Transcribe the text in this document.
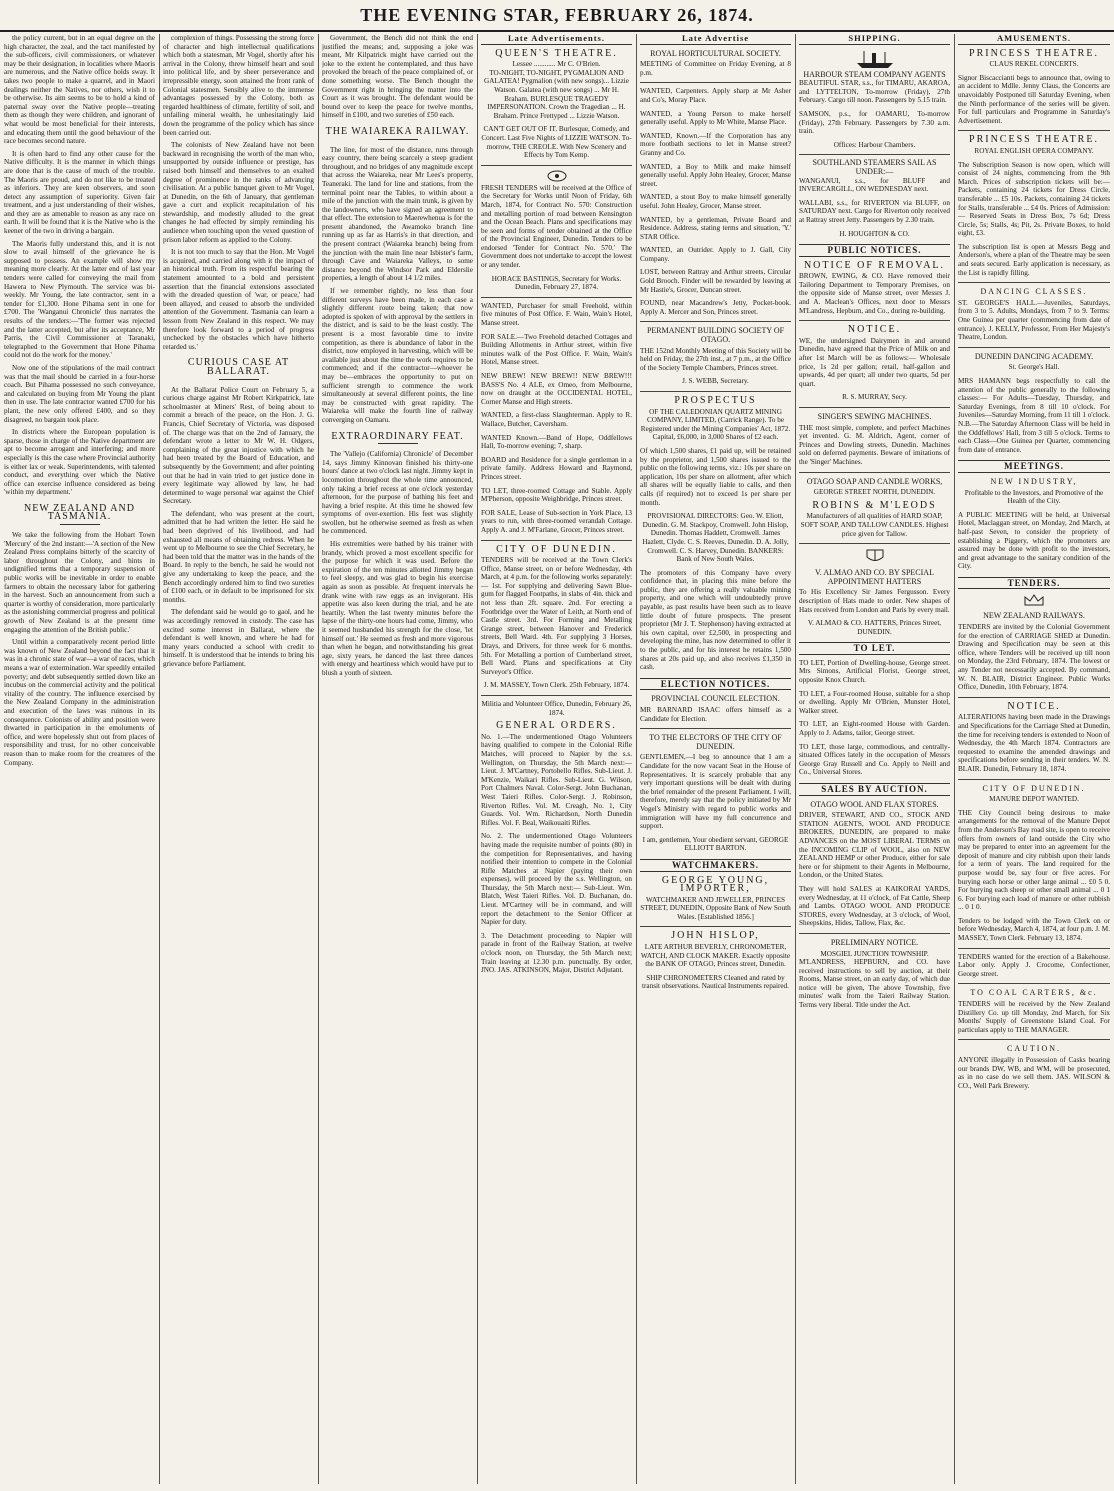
THE EVENING STAR, FEBRUARY 26, 1874.

the policy current, but in an equal degree on the high character, the zeal, and the tact manifested by the sub-officers, civil commissioners, or whatever may be their designation, in localities where Maoris are numerous, and the Native office holds sway. It takes two people to make a quarrel, and in Maori dealings neither the Natives, nor others, wish it to be otherwise. Its aim seems to be to hold a kind of paternal sway over the Native people—treating them as though they were children, and ignorant of what would be most beneficial for their interests, and educating them until the good behaviour of the race becomes second nature.

It is often hard to find any other cause for the Native difficulty. It is the manner in which things are done that is the cause of much of the trouble. The Maoris are proud, and do not like to be treated as inferiors. They are keen observers, and soon detect any assumption of superiority. Given fair treatment, and a just understanding of their wishes, and they are as amenable to reason as any race on earth. It will be found that it is the Native who is the keener of the two in driving a bargain.

The Maoris fully understand this, and it is not slow to avail himself of the grievance he is supposed to possess. An example will show my meaning more clearly. At the latter end of last year tenders were called for conveying the mail from Hawera to New Plymouth. The service was bi-weekly. Mr Young, the late contractor, sent in a tender for £1,300. Hone Pihama sent in one for £700. The 'Wanganui Chronicle' thus narrates the results of the tenders:—'The former was rejected and the latter accepted, but after its acceptance, Mr Parris, the Civil Commissioner at Taranaki, telegraphed to the Government that Hone Pihama could not do the work for the money.'

Now one of the stipulations of the mail contract was that the mail should be carried in a four-horse coach. But Pihama possessed no such conveyance, and calculated on buying from Mr Young the plant then in use. The late contractor wanted £700 for his plant, the new only offered £400, and so they disagreed, no bargain took place.

In districts where the European population is sparse, those in charge of the Native department are apt to become arrogant and interfering; and more especially is this the case where Provincial authority is either lax or weak. Superintendents, with talented conduct, and everything over which the Native office can exercise influence considered as being 'within my department.'

NEW ZEALAND AND TASMANIA.

We take the following from the Hobart Town 'Mercury' of the 2nd instant:—'A section of the New Zealand Press complains bitterly of the scarcity of labor throughout the Colony, and hints in undignified terms that a temporary suspension of public works will be inevitable in order to enable farmers to obtain the necessary labor for gathering in the harvest. Such an announcement from such a quarter is worthy of consideration, more particularly as the astonishing commercial progress and political growth of New Zealand is at the present time engaging the attention of the British public.'

Until within a comparatively recent period little was known of New Zealand beyond the fact that it was in a chronic state of war—a war of races, which means a war of extermination. War speedily entailed poverty; and debt subsequently settled down like an incubus on the commercial activity and the political vitality of the country. The influence exercised by the New Zealand Company in the administration and execution of the laws was ruinous in its consequence. Colonists of ability and position were thwarted in participation in the emoluments of office, and were hopelessly shut out from places of responsibility and trust, for no other conceivable reason than to make room for the creatures of the Company.

complexion of things. Possessing the strong force of character and high intellectual qualifications which both a statesman, Mr Vogel, shortly after his arrival in the Colony, threw himself heart and soul into political life, and by sheer perseverance and irrepressible energy, soon attained the front rank of Colonial statesmen. Sensibly alive to the immense advantages possessed by the Colony, both as regarded healthiness of climate, fertility of soil, and unfailing mineral wealth, he unhesitatingly laid down the programme of the policy which has since been carried out.

The colonists of New Zealand have not been backward in recognising the worth of the man who, unsupported by outside influence or prestige, has raised both himself and themselves to an exalted degree of prominence in the ranks of advancing civilisation. At a public banquet given to Mr Vogel, at Dunedin, on the 6th of January, that gentleman gave a curt and explicit recapitulation of his stewardship, and modestly alluded to the great changes he had effected by simply reminding his audience when touching upon the vexed question of prison labor reform as applied to the Colony.

It is not too much to say that the Hon. Mr Vogel is acquired, and carried along with it the impact of an historical truth. From its respectful bearing the statement amounted to a bold and persistent assertion that the financial extensions associated with the dreaded question of 'war, or peace,' had been allayed, and ceased to absorb the undivided attention of the Government. Tasmania can learn a lesson from New Zealand in this respect. We may therefore look forward to a period of progress unchecked by the obstacles which have hitherto retarded us.'

CURIOUS CASE AT BALLARAT.

At the Ballarat Police Court on February 5, a curious charge against Mr Robert Kirkpatrick, late schoolmaster at Miners' Rest, of being about to commit a breach of the peace, on the Hon. J. G. Francis, Chief Secretary of Victoria, was disposed of. The charge was that on the 2nd of January, the defendant wrote a letter to Mr W. H. Odgers, complaining of the great injustice with which he had been treated by the Board of Education, and subsequently by the Government; and after pointing out that he had in vain tried to get justice done in every legitimate way allowed by law, he had determined to wage personal war against the Chief Secretary.

The defendant, who was present at the court, admitted that he had written the letter. He said he had been deprived of his livelihood, and had exhausted all means of obtaining redress. When he went up to Melbourne to see the Chief Secretary, he had been told that the matter was in the hands of the Board. In reply to the bench, he said he would not give any undertaking to keep the peace, and the Bench accordingly ordered him to find two sureties of £100 each, or in default to be imprisoned for six months.

The defendant said he would go to gaol, and he was accordingly removed in custody. The case has excited some interest in Ballarat, where the defendant is well known, and where he had for many years conducted a school with credit to himself. It is understood that he intends to bring his grievance before Parliament.

Government, the Bench did not think the end justified the means; and, supposing a joke was meant, Mr Kilpatrick might have carried out the joke to the extent he contemplated, and thus have provoked the breach of the peace complained of, or done something worse. The Bench thought the Government right in bringing the matter into the Court as it was brought. The defendant would be bound over to keep the peace for twelve months, himself in £100, and two sureties of £50 each.

THE WAIAREKA RAILWAY.

The line, for most of the distance, runs through easy country, there being scarcely a steep gradient throughout, and no bridges of any magnitude except that across the Waiareka, near Mr Lees's property, Teaneraki. The land for line and stations, from the terminal point near the Tables, to within about a mile of the junction with the main trunk, is given by the landowners, who have signed an agreement to that effect. The extension to Maerewhenua is for the present abandoned, the Awamoko branch line running up as far as Harris's in that direction, and the present contract (Waiareka branch) being from the junction with the main line near Isbister's farm, through Cave and Waiareka Valleys, to some distance beyond the Windsor Park and Elderslie properties, a length of about 14 1/2 miles.

If we remember rightly, no less than four different surveys have been made, in each case a slightly different route being taken; that now adopted is spoken of with approval by the settlers in the district, and is said to be the least costly. The present is a most favorable time to invite competition, as there is abundance of labor in the district, now employed in harvesting, which will be available just about the time the work requires to be commenced; and if the contractor—whoever he may be—embraces the opportunity to put on sufficient strength to commence the work simultaneously at several different points, the line may be constructed with great rapidity. The Waiareka will make the fourth line of railway converging on Oamaru.

EXTRAORDINARY FEAT.

The 'Vallejo (California) Chronicle' of December 14, says Jimmy Kinnovan finished his thirty-one hours' dance at two o'clock last night. Jimmy kept in locomotion throughout the whole time announced, only taking a brief recess at one o'clock yesterday afternoon, for the purpose of bathing his feet and having a brief respite. At this time he showed few symptoms of over-exertion. His feet was slightly swollen, but he otherwise seemed as fresh as when he commenced.

His extremities were bathed by his trainer with brandy, which proved a most excellent specific for the purpose for which it was used. Before the expiration of the ten minutes allotted Jimmy began to feel sleepy, and was glad to begin his exercise again as soon as possible. At frequent intervals he drank wine with raw eggs as an invigorant. His appetite was also keen during the trial, and he ate heartily. When the last twenty minutes before the lapse of the thirty-one hours had come, Jimmy, who it seemed husbanded his strength for the close, 'let himself out.' He seemed as fresh and more vigorous than when he began, and notwithstanding his great age, sixty years, he danced the last three dances with energy and heartiness which would have put to blush a youth of sixteen.

Late Advertisements.
QUEEN'S THEATRE.
Lessee ............ Mr C. O'Brien.
TO-NIGHT, TO-NIGHT, PYGMALION AND GALATEA! Pygmalion (with new songs)... Lizzie Watson. Galatea (with new songs) ... Mr H. Braham. BURLESQUE TRAGEDY IMPERSONATION. Crown the Tragedian ... H. Braham. Prince Frettyped ... Lizzie Watson.
CAN'T GET OUT OF IT. Burlesque, Comedy, and Concert. Last Five Nights of LIZZIE WATSON. To-morrow, THE CREOLE. With New Scenery and Effects by Tom Kemp.
FRESH TENDERS will be received at the Office of the Secretary for Works until Noon of Friday, 6th March, 1874, for Contract No. 570: Construction and metalling portion of road between Kensington and the Ocean Beach. Plans and specifications may be seen and forms of tender obtained at the Office of the Provincial Engineer, Dunedin. Tenders to be endorsed 'Tender for Contract No. 570.' The Government does not undertake to accept the lowest or any tender.
HORACE BASTINGS, Secretary for Works. Dunedin, February 27, 1874.
WANTED, Purchaser for small Freehold, within five minutes of Post Office. F. Wain, Wain's Hotel, Manse street.
FOR SALE.—Two Freehold detached Cottages and Building Allotments in Arthur street, within five minutes walk of the Post Office. F. Wain, Wain's Hotel, Manse street.
NEW BREW! NEW BREW!! NEW BREW!!! BASS'S No. 4 ALE, ex Omeo, from Melbourne, now on draught at the OCCIDENTAL HOTEL, Corner Manse and High streets.
WANTED, a first-class Slaughterman. Apply to R. Wallace, Butcher, Caversham.
WANTED Known.—Band of Hope, Oddfellows Hall, To-morrow evening; 7, sharp.
BOARD and Residence for a single gentleman in a private family. Address Howard and Raymond, Princes street.
TO LET, three-roomed Cottage and Stable. Apply M'Pherson, opposite Weighbridge, Princes street.
FOR SALE, Lease of Sub-section in York Place, 13 years to run, with three-roomed verandah Cottage. Apply A. and J. M'Farlane, Grocer, Princes street.
CITY OF DUNEDIN.
TENDERS will be received at the Town Clerk's Office, Manse street, on or before Wednesday, 4th March, at 4 p.m. for the following works separately:— 1st. For supplying and delivering Sawn Blue-gum for flagged Footpaths, in slabs of 4in. thick and not less than 2ft. square. 2nd. For erecting a Footbridge over the Water of Leith, at North end of Castle street. 3rd. For Forming and Metalling Grange street, between Hanover and Frederick streets, Bell Ward. 4th. For supplying 3 Horses, Drays, and Drivers, for three week for 6 months. 5th. For Metalling a portion of Cumberland street, Bell Ward. Plans and specifications at City Surveyor's Office.
J. M. MASSEY, Town Clerk. 25th February, 1874.
Militia and Volunteer Office, Dunedin, February 26, 1874.
GENERAL ORDERS.
No. 1.—The undermentioned Otago Volunteers having qualified to compete in the Colonial Rifle Matches, will proceed to Napier by the s.s. Wellington, on Thursday, the 5th March next:— Lieut. J. M'Cartney, Portobello Rifles. Sub-Lieut. J. M'Kenzie, Waikari Rifles. Sub-Lieut. G. Wilson, Port Chalmers Naval. Color-Sergt. John Buchanan, West Taieri Rifles. Color-Sergt. J. Robinson, Riverton Rifles. Vol. M. Creagh, No. 1, City Guards. Vol. Wm. Richardson, North Dunedin Rifles. Vol. F. Beal, Waikouaiti Rifles.
No. 2. The undermentioned Otago Volunteers having made the requisite number of points (80) in the competition for Representatives, and having notified their intention to compete in the Colonial Rifle Matches at Napier (paying their own expenses), will proceed by the s.s. Wellington, on Thursday, the 5th March next:— Sub-Lieut. Wm. Blatch, West Taieri Rifles. Vol. D. Buchanan, do. Lieut. M'Cartney will be in command, and will report the detachment to the Senior Officer at Napier for duty.
3. The Detachment proceeding to Napier will parade in front of the Railway Station, at twelve o'clock noon, on Thursday, the 5th March next; Train leaving at 12.30 p.m. punctually. By order, JNO. JAS. ATKINSON, Major, District Adjutant.
Late Advertise
ROYAL HORTICULTURAL SOCIETY.
MEETING of Committee on Friday Evening, at 8 p.m.
WANTED, Carpenters. Apply sharp at Mr Asher and Co's, Moray Place.
WANTED, a Young Person to make herself generally useful. Apply to Mr White, Manse Place.
WANTED, Known.—If the Corporation has any more footbath sections to let in Manse street? Granny and Co.
WANTED, a Boy to Milk and make himself generally useful. Apply John Healey, Grocer, Manse street.
WANTED, a stout Boy to make himself generally useful. John Healey, Grocer, Manse street.
WANTED, by a gentleman, Private Board and Residence. Address, stating terms and situation, 'Y.' STAR Office.
WANTED, an Outrider. Apply to J. Gall, City Company.
LOST, between Rattray and Arthur streets, Circular Gold Brooch. Finder will be rewarded by leaving at Mr Hastie's, Grocer, Duncan street.
FOUND, near Macandrew's Jetty, Pocket-book. Apply A. Mercer and Son, Princes street.
PERMANENT BUILDING SOCIETY OF OTAGO.
THE 152nd Monthly Meeting of this Society will be held on Friday, the 27th inst., at 7 p.m., at the Office of the Society Temple Chambers, Princes street.
J. S. WEBB, Secretary.
PROSPECTUS
OF THE CALEDONIAN QUARTZ MINING COMPANY, LIMITED, (Carrick Range). To be Registered under the Mining Companies' Act, 1872. Capital, £6,000, in 3,000 Shares of £2 each.
Of which 1,500 shares, £1 paid up, will be retained by the proprietor, and 1,500 shares issued to the public on the following terms, viz.: 10s per share on application, 10s per share on allotment, after which all shares will be equally liable to calls, and then calls (if required) not to exceed 1s per share per month.
PROVISIONAL DIRECTORS: Geo. W. Eliott, Dunedin. G. M. Stackpoy, Cromwell. John Hislop, Dunedin. Thomas Haddett, Cromwell. James Hazlett, Clyde. C. S. Reeves, Dunedin. D. A. Jolly, Cromwell. C. S. Harvey, Dunedin. BANKERS: Bank of New South Wales.
The promoters of this Company have every confidence that, in placing this mine before the public, they are offering a really valuable mining property, and one which will undoubtedly prove payable, as past results have been such as to leave little doubt of future prospects. The present proprietor (Mr J. T. Stephenson) having extracted at his own capital, over £2,500, in prospecting and developing the mine, has now determined to offer it to the public, and for his interest he retains 1,500 shares at 20s paid up, and also receives £1,350 in cash.
ELECTION NOTICES.
PROVINCIAL COUNCIL ELECTION.
MR BARNARD ISAAC offers himself as a Candidate for Election.
TO THE ELECTORS OF THE CITY OF DUNEDIN.
GENTLEMEN,—I beg to announce that I am a Candidate for the now vacant Seat in the House of Representatives. It is scarcely probable that any very important questions will be dealt with during the brief remainder of the present Parliament. I will, therefore, merely say that the policy initiated by Mr Vogel's Ministry with regard to public works and immigration will have my full concurrence and support.
I am, gentlemen, Your obedient servant, GEORGE ELLIOTT BARTON.
WATCHMAKERS.
GEORGE YOUNG, IMPORTER,
WATCHMAKER AND JEWELLER, PRINCES STREET, DUNEDIN, Opposite Bank of New South Wales. [Established 1856.]
JOHN HISLOP,
LATE ARTHUR BEVERLY, CHRONOMETER, WATCH, AND CLOCK MAKER. Exactly opposite the BANK OF OTAGO, Princes street, Dunedin.
SHIP CHRONOMETERS Cleaned and rated by transit observations. Nautical Instruments repaired.
SHIPPING.
HARBOUR STEAM COMPANY AGENTS
BEAUTIFUL STAR, s.s., for TIMARU, AKAROA, and LYTTELTON, To-morrow (Friday), 27th February. Cargo till noon. Passengers by 5.15 train.
SAMSON, p.s., for OAMARU, To-morrow (Friday), 27th February. Passengers by 7.30 a.m. train.
Offices: Harbour Chambers.
SOUTHLAND STEAMERS SAIL AS UNDER:—
WANGANUI, s.s., for BLUFF and INVERCARGILL, ON WEDNESDAY next.
WALLABI, s.s., for RIVERTON via BLUFF, on SATURDAY next. Cargo for Riverton only received at Rattray street Jetty. Passengers by 2.30 train.
H. HOUGHTON & CO.
PUBLIC NOTICES.
NOTICE OF REMOVAL.
BROWN, EWING, & CO. Have removed their Tailoring Department to Temporary Premises, on the opposite side of Manse street, over Messrs J. and A. Maclean's Offices, next door to Messrs M'Landress, Hepburn, and Co., during re-building.
NOTICE.
WE, the undersigned Dairymen in and around Dunedin, have agreed that the Price of Milk on and after 1st March will be as follows:— Wholesale price, 1s 2d per gallon; retail, half-gallon and upwards, 4d per quart; all under two quarts, 5d per quart.
R. S. MURRAY, Secy.
SINGER'S SEWING MACHINES.
THE most simple, complete, and perfect Machines yet invented. G. M. Aldrich, Agent, corner of Princes and Dowling streets, Dunedin. Machines sold on deferred payments. Beware of imitations of the 'Singer' Machines.
OTAGO SOAP AND CANDLE WORKS,
GEORGE STREET NORTH, DUNEDIN.
ROBINS & M'LEODS
Manufacturers of all qualities of HARD SOAP, SOFT SOAP, AND TALLOW CANDLES. Highest price given for Tallow.
V. ALMAO AND CO. BY SPECIAL APPOINTMENT HATTERS
To His Excellency Sir James Fergusson. Every description of Hats made to order. New shapes of Hats received from London and Paris by every mail.
V. ALMAO & CO. HATTERS, Princes Street, DUNEDIN.
TO LET.
TO LET, Portion of Dwelling-house, George street. Mrs Simons, Artificial Florist, George street, opposite Knox Church.
TO LET, a Four-roomed House, suitable for a shop or dwelling. Apply Mr O'Brien, Munster Hotel, Walker street.
TO LET, an Eight-roomed House with Garden. Apply to J. Adams, tailor, George street.
TO LET, those large, commodious, and centrally-situated Offices lately in the occupation of Messrs George Gray Russell and Co. Apply to Neill and Co., Universal Stores.
SALES BY AUCTION.
OTAGO WOOL AND FLAX STORES.
DRIVER, STEWART, AND CO., STOCK AND STATION AGENTS, WOOL AND PRODUCE BROKERS, DUNEDIN, are prepared to make ADVANCES on the MOST LIBERAL TERMS on the INCOMING CLIP of WOOL, also on NEW ZEALAND HEMP or other Produce, either for sale here or for shipment to their Agents in Melbourne, London, or the United States.
They will hold SALES at KAIKORAI YARDS, every Wednesday, at 11 o'clock, of Fat Cattle, Sheep and Lambs. OTAGO WOOL AND PRODUCE STORES, every Wednesday, at 3 o'clock, of Wool, Sheepskins, Hides, Tallow, Flax, &c.
PRELIMINARY NOTICE.
MOSGIEL JUNCTION TOWNSHIP.
M'LANDRESS, HEPBURN, and CO. have received instructions to sell by auction, at their Rooms, Manse street, on an early day, of which due notice will be given, The above Township, five minutes' walk from the Taieri Railway Station. Terms very liberal. Title under the Act.
AMUSEMENTS.
PRINCESS THEATRE.
CLAUS REKEL CONCERTS.
Signor Biscaccianti begs to announce that, owing to an accident to Mdlle. Jenny Claus, the Concerts are unavoidably Postponed till Saturday Evening, when the Ninth performance of the series will be given. For full particulars and Programme in Saturday's Advertisement.
PRINCESS THEATRE.
ROYAL ENGLISH OPERA COMPANY.
The Subscription Season is now open, which will consist of 24 nights, commencing from the 9th March. Prices of subscription tickets will be:— Packets, containing 24 tickets for Dress Circle, transferable ... £5 10s. Packets, containing 24 tickets for Stalls, transferable ... £4 0s. Prices of Admission:— Reserved Seats in Dress Box, 7s 6d; Dress Circle, 5s; Stalls, 4s; Pit, 2s. Private Boxes, to hold eight, £3.
The subscription list is open at Messrs Begg and Anderson's, where a plan of the Theatre may be seen and seats secured. Early application is necessary, as the List is rapidly filling.
DANCING CLASSES.
ST. GEORGE'S HALL.—Juveniles, Saturdays, from 3 to 5. Adults, Mondays, from 7 to 9. Terms: One Guinea per quarter (commencing from date of entrance). J. KELLY, Professor, From Her Majesty's Theatre, London.
DUNEDIN DANCING ACADEMY.
St. George's Hall.
MRS HAMANN begs respectfully to call the attention of the public generally to the following classes:— For Adults—Tuesday, Thursday, and Saturday Evenings, from 8 till 10 o'clock. For Juveniles—Saturday Morning, from 11 till 1 o'clock. N.B.—The Saturday Afternoon Class will be held in the Oddfellows' Hall, from 3 till 5 o'clock. Terms to each Class—One Guinea per Quarter, commencing from date of entrance.
MEETINGS.
NEW INDUSTRY,
Profitable to the Investors, and Promotive of the Health of the City.
A PUBLIC MEETING will be held, at Universal Hotel, Maclaggan street, on Monday, 2nd March, at half-past Seven, to consider the propriety of establishing a Piggery, which the promoters are assured may be done with profit to the investors, and great advantage to the sanitary condition of the City.
TENDERS.
NEW ZEALAND RAILWAYS.
TENDERS are invited by the Colonial Government for the erection of CARRIAGE SHED at Dunedin. Drawing and Specification may be seen at this office, where Tenders will be received up till noon on Monday, the 23rd February, 1874. The lowest or any Tender not necessarily accepted. By command, W. N. BLAIR, District Engineer. Public Works Office, Dunedin, 10th February, 1874.
NOTICE.
ALTERATIONS having been made in the Drawings and Specifications for the Carriage Shed at Dunedin, the time for receiving tenders is extended to Noon of Wednesday, the 4th March 1874. Contractors are requested to examine the amended drawings and specifications before sending in their tenders. W. N. BLAIR. Dunedin, February 18, 1874.
CITY OF DUNEDIN.
MANURE DEPOT WANTED.
THE City Council being desirous to make arrangements for the removal of the Manure Depot from the Anderson's Bay road site, is open to receive offers from owners of land outside the City who may be prepared to enter into an agreement for the deposit of manure and city rubbish upon their lands for a term of years. The land required for the purpose would be, say four or five acres. For burying each horse or other large animal ... £0 5 0. For burying each sheep or other small animal ... 0 1 6. For burying each load of manure or other rubbish ... 0 1 0.
Tenders to be lodged with the Town Clerk on or before Wednesday, March 4, 1874, at four p.m. J. M. MASSEY, Town Clerk. February 13, 1874.
TENDERS wanted for the erection of a Bakehouse. Labor only. Apply J. Crocome, Confectioner, George street.
TO COAL CARTERS, &c.
TENDERS will be received by the New Zealand Distillery Co. up till Monday, 2nd March, for Six Months' Supply of Greenstone Island Coal. For particulars apply to THE MANAGER.
CAUTION.
ANYONE illegally in Possession of Casks bearing our brands DW, WB, and WM, will be prosecuted, as in no case do we sell them. JAS. WILSON & CO., Well Park Brewery.
